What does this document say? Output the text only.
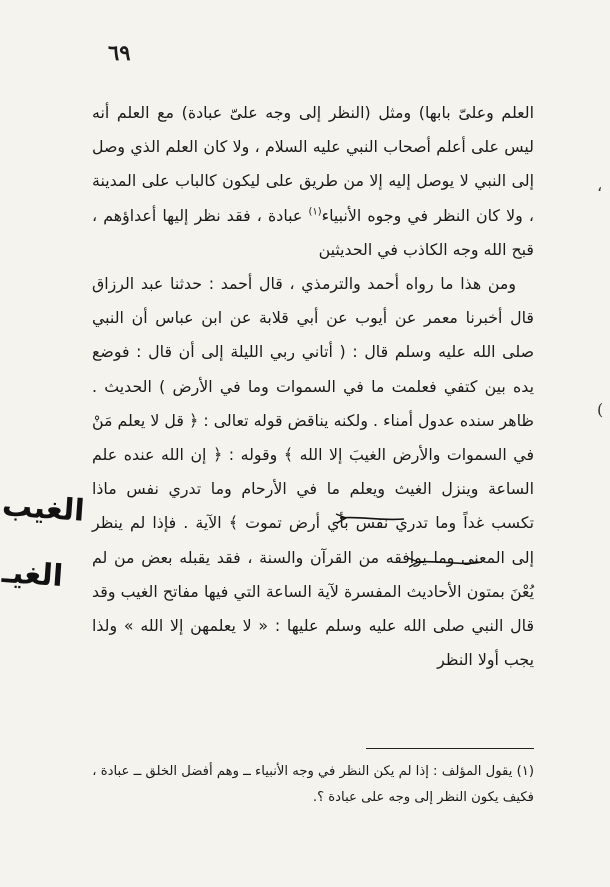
٦٩

العلم وعلىّ بابها) ومثل (النظر إلى وجه علىّ عبادة) مع العلم أنه ليس على أعلم أصحاب النبي عليه السلام ، ولا كان العلم الذي وصل إلى النبي لا يوصل إليه إلا من طريق على ليكون كالباب على المدينة ، ولا كان النظر في وجوه الأنبياء$^{(١)}$ عبادة ، فقد نظر إليها أعداؤهم ، قبح الله وجه الكاذب في الحديثين

ومن هذا ما رواه أحمد والترمذي ، قال أحمد : حدثنا عبد الرزاق قال أخبرنا معمر عن أيوب عن أبي قلابة عن ابن عباس أن النبي صلى الله عليه وسلم قال : ( أتاني ربي الليلة إلى أن قال : فوضع يده بين كتفي فعلمت ما في السموات وما في الأرض ) الحديث . ظاهر سنده عدول أمناء . ولكنه يناقض قوله تعالى : ﴿ قل لا يعلم مَنْ في السموات والأرض الغيبَ إلا الله ﴾ وقوله : ﴿ إن الله عنده علم الساعة وينزل الغيث ويعلم ما في الأرحام وما تدري نفس ماذا تكسب غداً وما تدري نفس بأي أرض تموت ﴾ الآية . فإذا لم ينظر إلى المعنى وما يوافقه من القرآن والسنة ، فقد يقبله بعض من لم يُعْنَ بمتون الأحاديث المفسرة لآية الساعة التي فيها مفاتح الغيب وقد قال النبي صلى الله عليه وسلم عليها : « لا يعلمهن إلا الله » ولذا يجب أولا النظر

(١) يقول المؤلف : إذا لم يكن النظر في وجه الأنبياء ــ وهم أفضل الخلق ــ عبادة ، فكيف يكون النظر إلى وجه على عبادة ؟.
الغيب
الغيـ
،
(
